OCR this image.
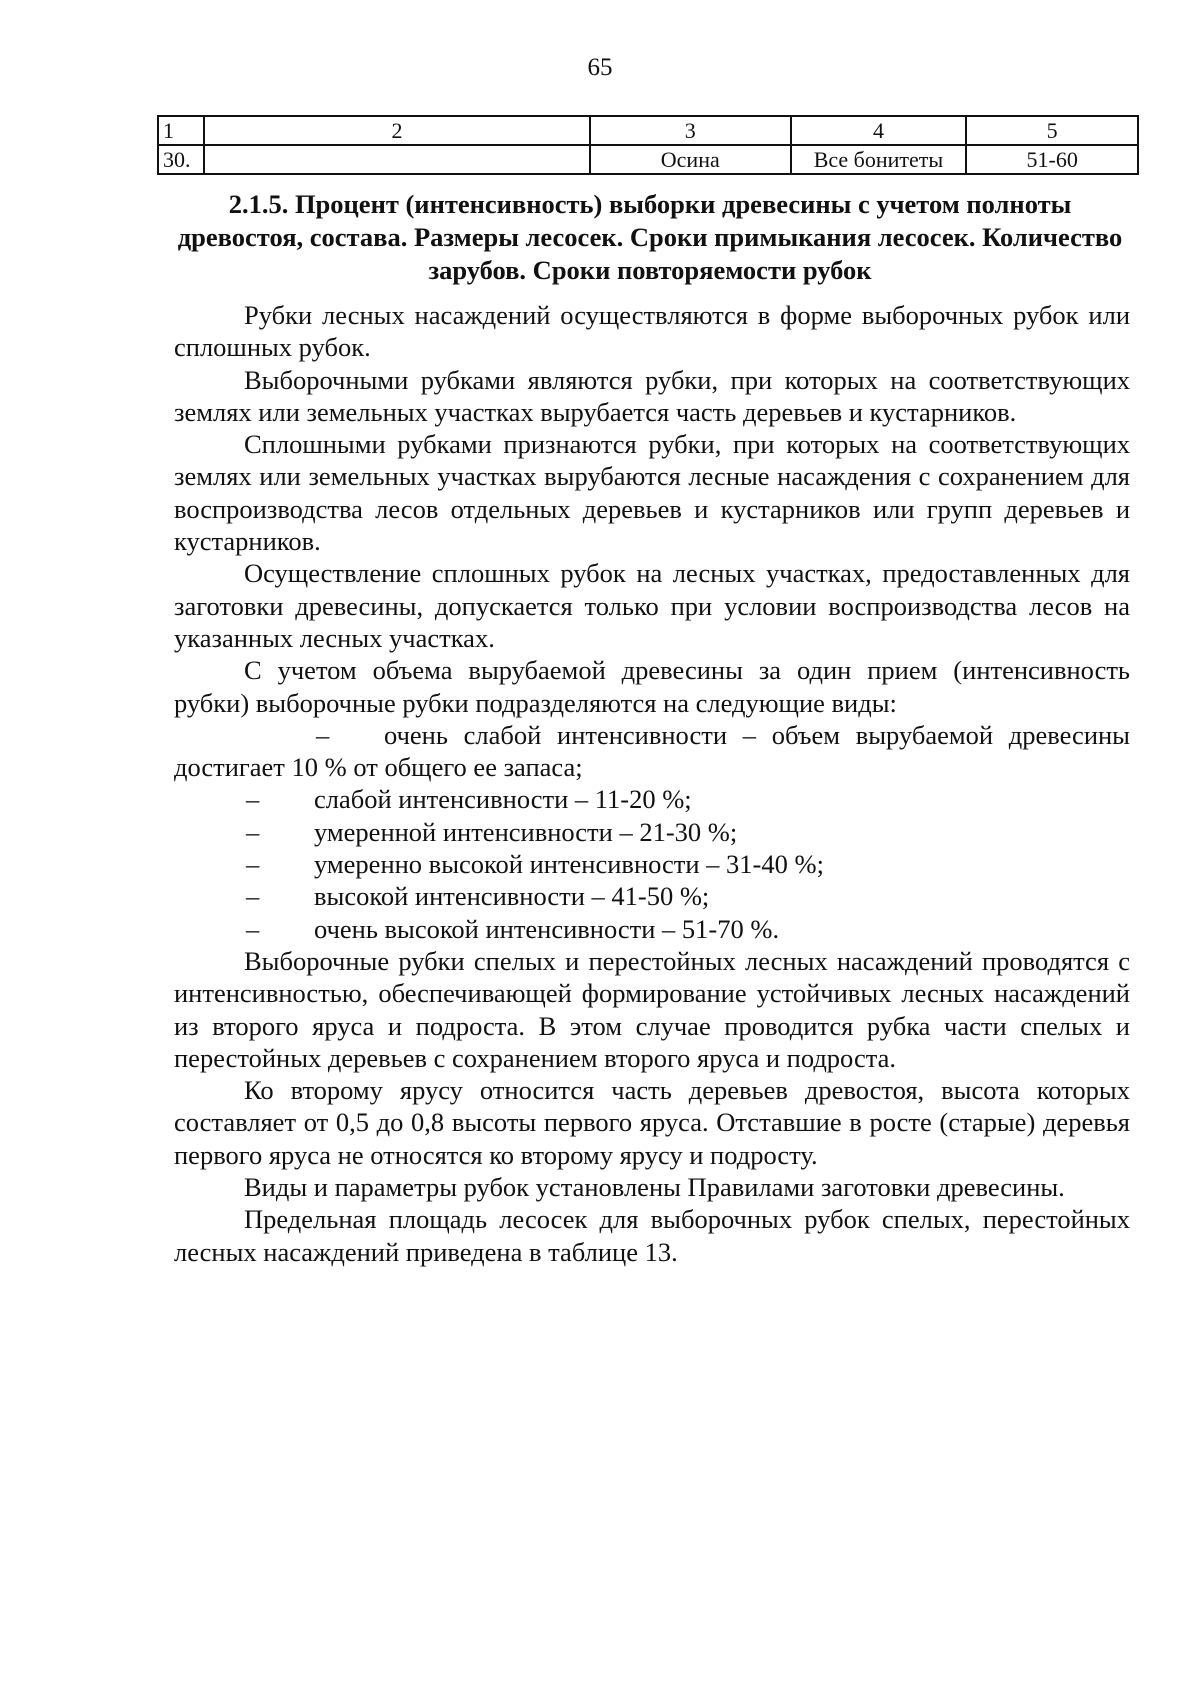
65
1	2	3	4	5
30.		Осина	Все бонитеты	51-60
2.1.5. Процент (интенсивность) выборки древесины с учетом полноты древостоя, состава. Размеры лесосек. Сроки примыкания лесосек. Количество зарубов. Сроки повторяемости рубок

Рубки лесных насаждений осуществляются в форме выборочных рубок или сплошных рубок.

Выборочными рубками являются рубки, при которых на соответствующих землях или земельных участках вырубается часть деревьев и кустарников.

Сплошными рубками признаются рубки, при которых на соответствующих землях или земельных участках вырубаются лесные насаждения с сохранением для воспроизводства лесов отдельных деревьев и кустарников или групп деревьев и кустарников.

Осуществление сплошных рубок на лесных участках, предоставленных для заготовки древесины, допускается только при условии воспроизводства лесов на указанных лесных участках.

С учетом объема вырубаемой древесины за один прием (интенсивность рубки) выборочные рубки подразделяются на следующие виды:

– очень слабой интенсивности – объем вырубаемой древесины достигает 10 % от общего ее запаса;

–	слабой интенсивности – 11-20 %;
–	умеренной интенсивности – 21-30 %;
–	умеренно высокой интенсивности – 31-40 %;
–	высокой интенсивности – 41-50 %;
–	очень высокой интенсивности – 51-70 %.

Выборочные рубки спелых и перестойных лесных насаждений проводятся с интенсивностью, обеспечивающей формирование устойчивых лесных насаждений из второго яруса и подроста. В этом случае проводится рубка части спелых и перестойных деревьев с сохранением второго яруса и подроста.

Ко второму ярусу относится часть деревьев древостоя, высота которых составляет от 0,5 до 0,8 высоты первого яруса. Отставшие в росте (старые) деревья первого яруса не относятся ко второму ярусу и подросту.

Виды и параметры рубок установлены Правилами заготовки древесины.

Предельная площадь лесосек для выборочных рубок спелых, перестойных лесных насаждений приведена в таблице 13.
